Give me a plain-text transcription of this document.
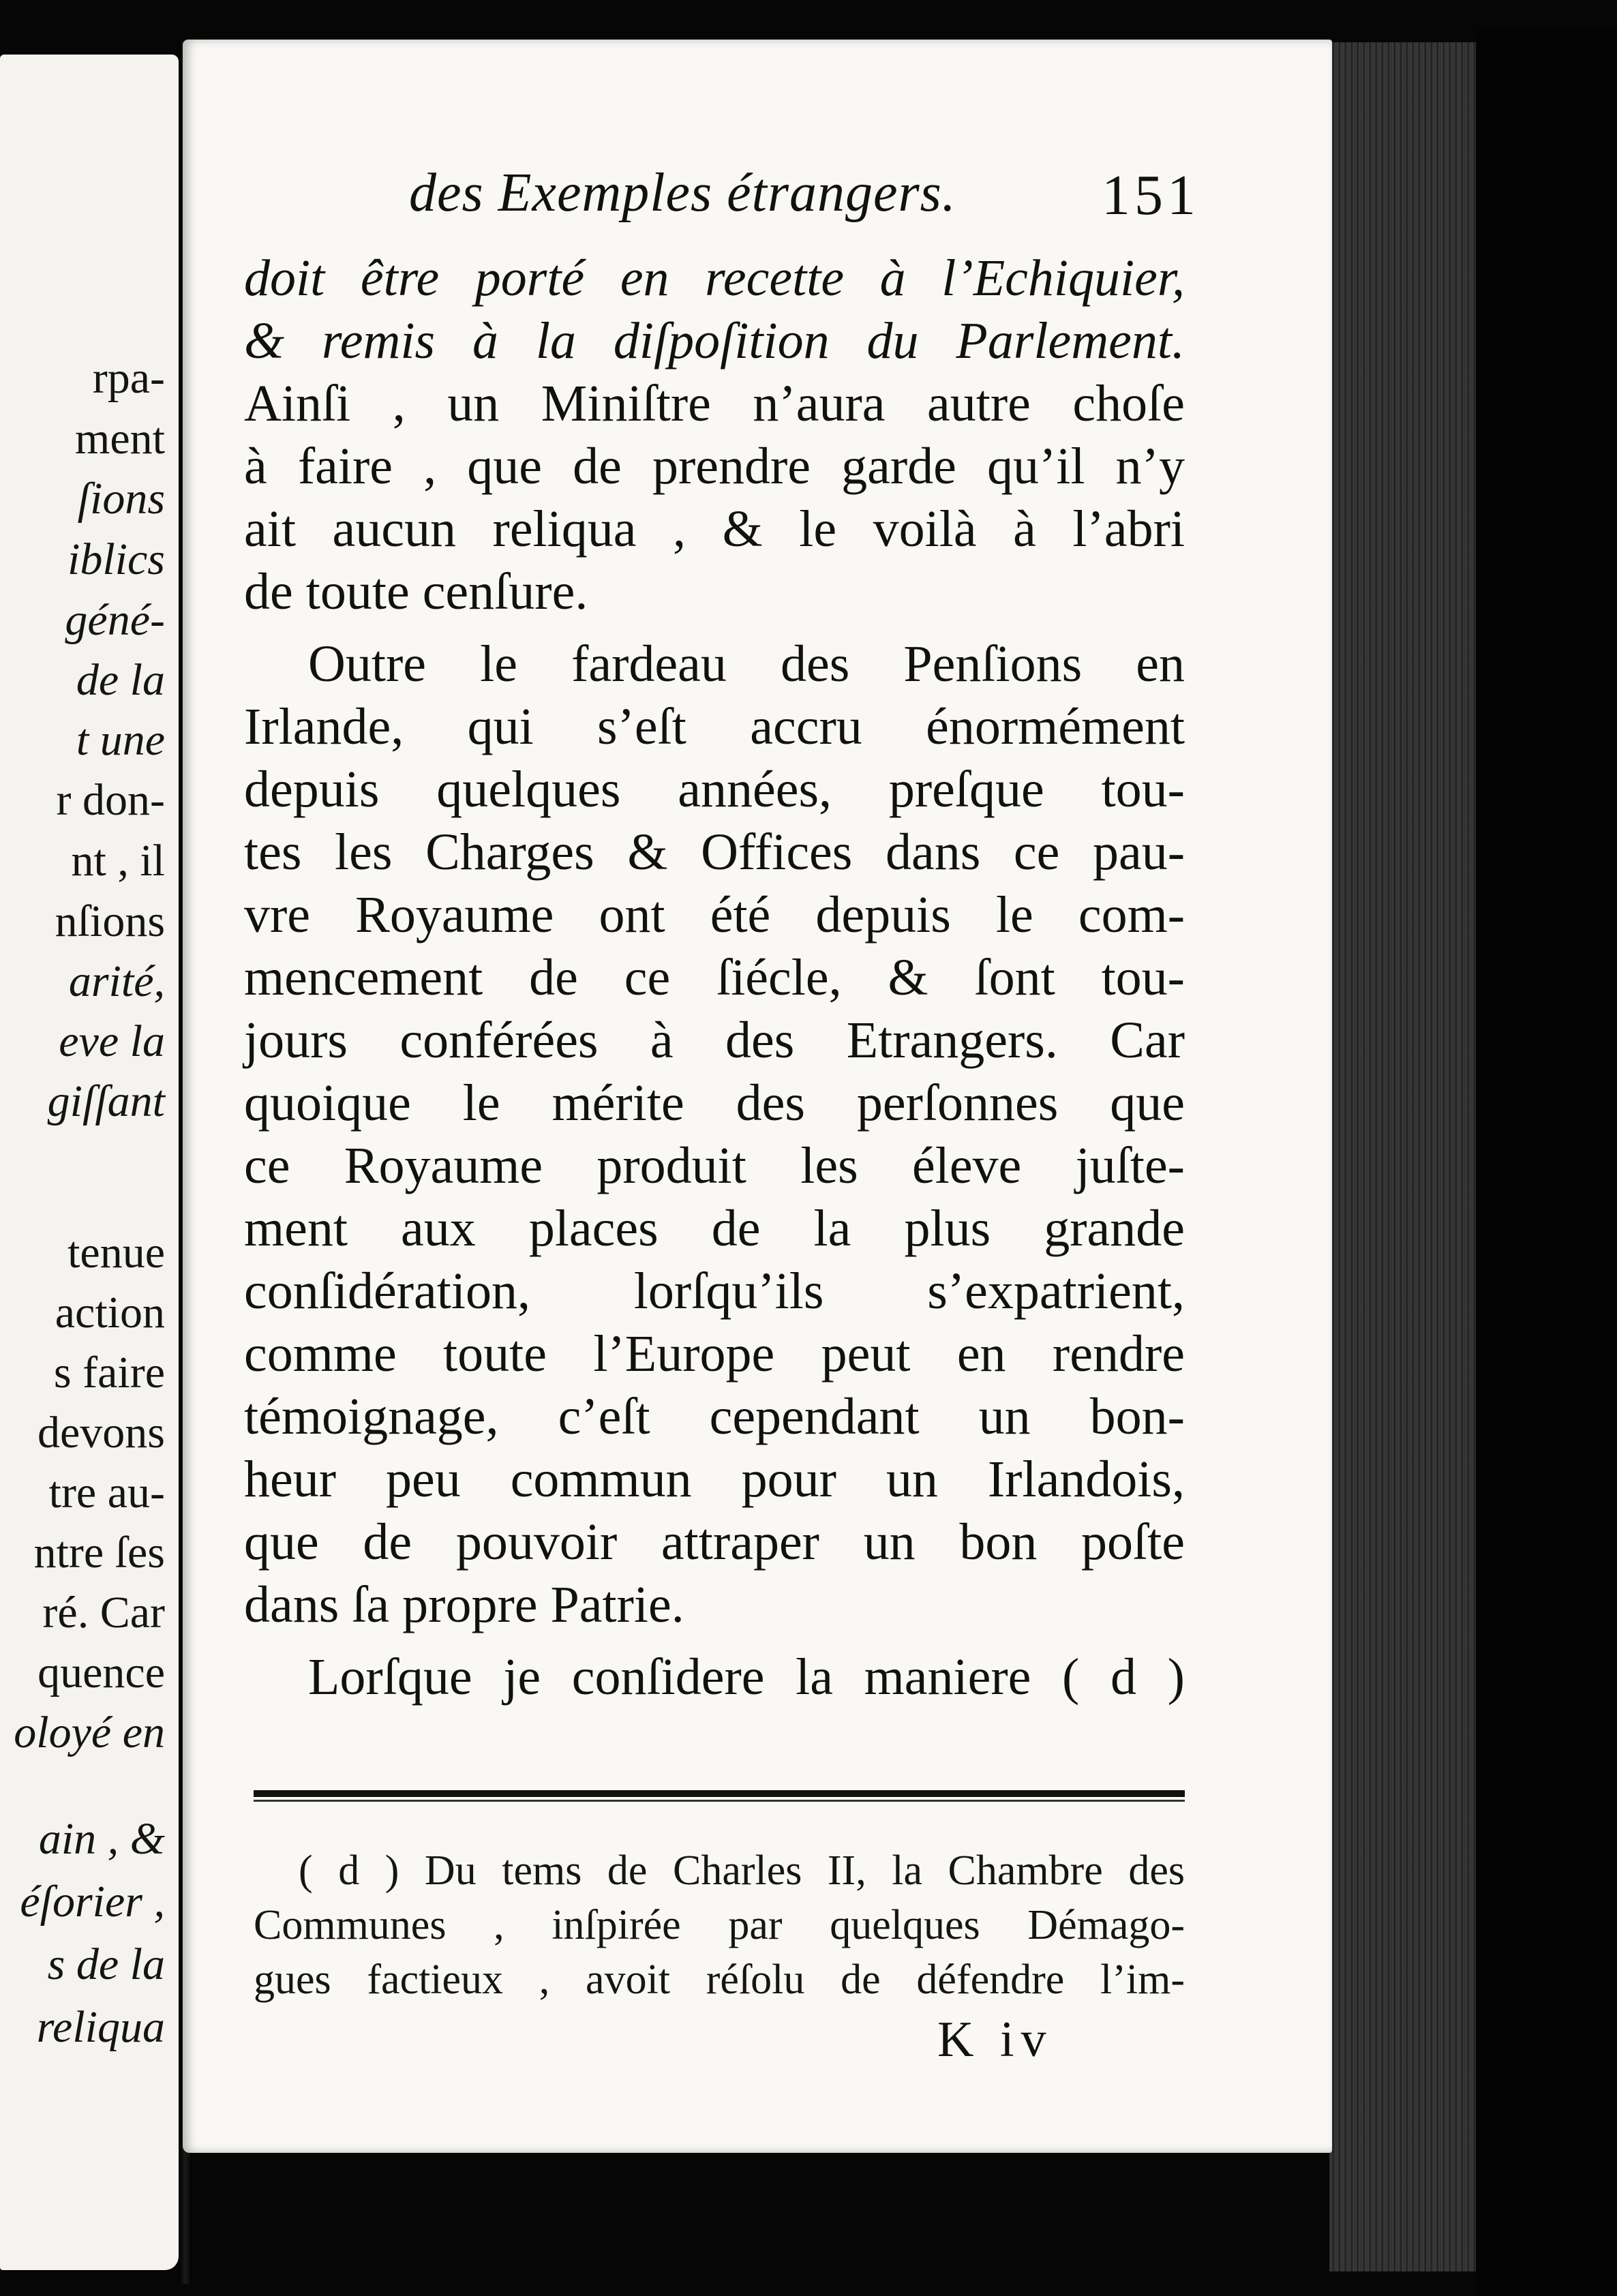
rpa-
ment
ſions
iblics
géné-
de la
t une
r don-
nt , il
nſions
arité,
eve la
giſſant
tenue
action
s faire
devons
tre au-
ntre ſes
ré. Car
quence
oloyé en
ain , &
éſorier ,
s de la
reliqua
des Exemples étrangers.	151
doit être porté en recette à l’Echiquier,
& remis à la diſpoſition du Parlement.
Ainſi , un Miniſtre n’aura autre choſe
à faire , que de prendre garde qu’il n’y
ait aucun reliqua , & le voilà à l’abri
de toute cenſure.
Outre le fardeau des Penſions en
Irlande, qui s’eſt accru énormément
depuis quelques années, preſque tou-
tes les Charges & Offices dans ce pau-
vre Royaume ont été depuis le com-
mencement de ce ſiécle, & ſont tou-
jours conférées à des Etrangers. Car
quoique le mérite des perſonnes que
ce Royaume produit les éleve juſte-
ment aux places de la plus grande
conſidération, lorſqu’ils s’expatrient,
comme toute l’Europe peut en rendre
témoignage, c’eſt cependant un bon-
heur peu commun pour un Irlandois,
que de pouvoir attraper un bon poſte
dans ſa propre Patrie.
Lorſque je conſidere la maniere ( d )
( d ) Du tems de Charles II, la Chambre des
Communes , inſpirée par quelques Démago-
gues factieux , avoit réſolu de défendre l’im-
K iv
